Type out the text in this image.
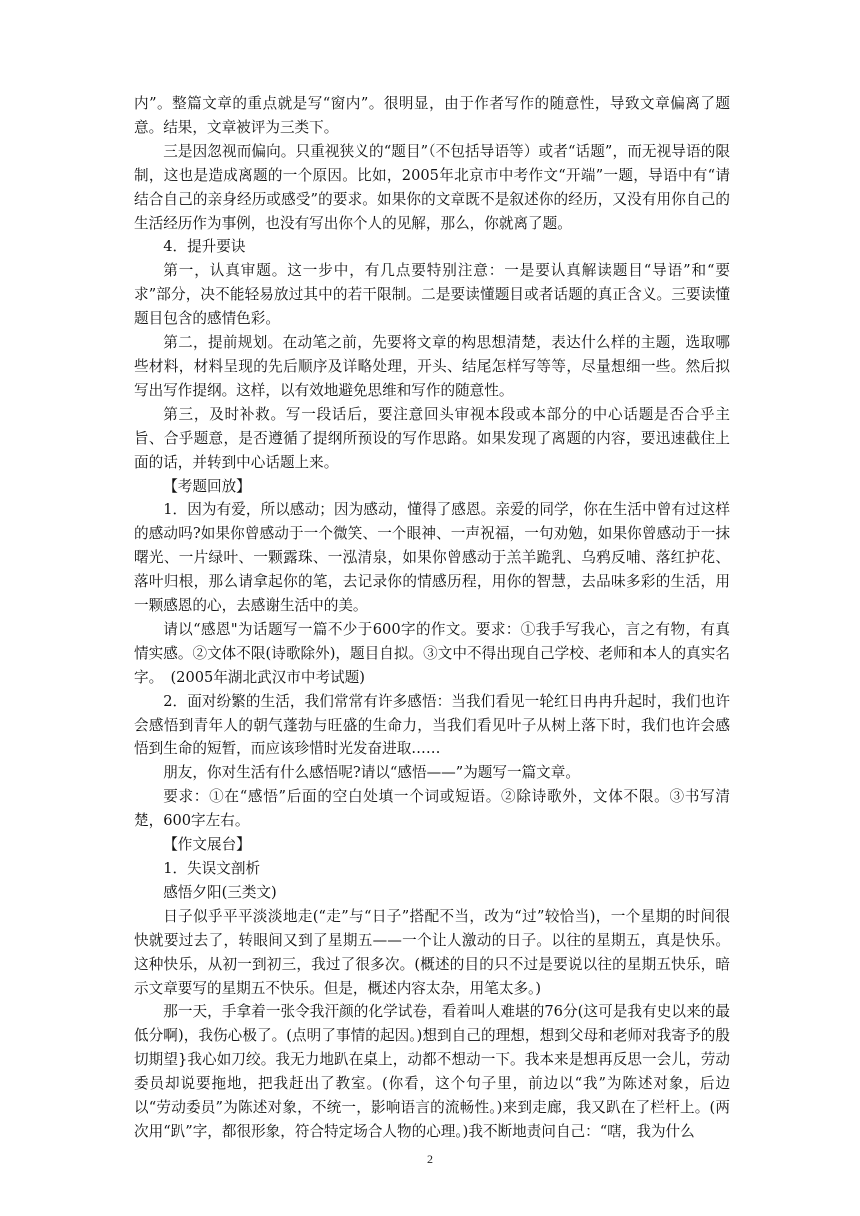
内”。整篇文章的重点就是写“窗内”。很明显，由于作者写作的随意性，导致文章偏离了题意。结果，文章被评为三类下。

三是因忽视而偏向。只重视狭义的“题目”（不包括导语等）或者“话题”，而无视导语的限制，这也是造成离题的一个原因。比如，2005年北京市中考作文“开端”一题，导语中有“请结合自己的亲身经历或感受”的要求。如果你的文章既不是叙述你的经历，又没有用你自己的生活经历作为事例，也没有写出你个人的见解，那么，你就离了题。

4．提升要诀

第一，认真审题。这一步中，有几点要特别注意：一是要认真解读题目“导语”和“要求”部分，决不能轻易放过其中的若干限制。二是要读懂题目或者话题的真正含义。三要读懂题目包含的感情色彩。

第二，提前规划。在动笔之前，先要将文章的构思想清楚，表达什么样的主题，选取哪些材料，材料呈现的先后顺序及详略处理，开头、结尾怎样写等等，尽量想细一些。然后拟写出写作提纲。这样，以有效地避免思维和写作的随意性。

第三，及时补救。写一段话后，要注意回头审视本段或本部分的中心话题是否合乎主旨、合乎题意，是否遵循了提纲所预设的写作思路。如果发现了离题的内容，要迅速截住上面的话，并转到中心话题上来。

【考题回放】

1．因为有爱，所以感动；因为感动，懂得了感恩。亲爱的同学，你在生活中曾有过这样的感动吗?如果你曾感动于一个微笑、一个眼神、一声祝福，一句劝勉，如果你曾感动于一抹曙光、一片绿叶、一颗露珠、一泓清泉，如果你曾感动于羔羊跪乳、乌鸦反哺、落红护花、落叶归根，那么请拿起你的笔，去记录你的情感历程，用你的智慧，去品味多彩的生活，用一颗感恩的心，去感谢生活中的美。

请以“感恩"为话题写一篇不少于600字的作文。要求：①我手写我心，言之有物，有真情实感。②文体不限(诗歌除外)，题目自拟。③文中不得出现自己学校、老师和本人的真实名字。　(2005年湖北武汉市中考试题)

2．面对纷繁的生活，我们常常有许多感悟：当我们看见一轮红日冉冉升起时，我们也许会感悟到青年人的朝气蓬勃与旺盛的生命力，当我们看见叶子从树上落下时，我们也许会感悟到生命的短暂，而应该珍惜时光发奋进取……

朋友，你对生活有什么感悟呢?请以“感悟——”为题写一篇文章。

要求：①在“感悟”后面的空白处填一个词或短语。②除诗歌外，文体不限。③书写清楚，600字左右。

【作文展台】

1．失误文剖析

感悟夕阳(三类文)

日子似乎平平淡淡地走(“走”与“日子”搭配不当，改为“过”较恰当)，一个星期的时间很快就要过去了，转眼间又到了星期五——一个让人激动的日子。以往的星期五，真是快乐。这种快乐，从初一到初三，我过了很多次。(概述的目的只不过是要说以往的星期五快乐，暗示文章要写的星期五不快乐。但是，概述内容太杂，用笔太多。)

那一天，手拿着一张令我汗颜的化学试卷，看着叫人难堪的76分(这可是我有史以来的最低分啊)，我伤心极了。(点明了事情的起因。)想到自己的理想，想到父母和老师对我寄予的殷切期望}我心如刀绞。我无力地趴在桌上，动都不想动一下。我本来是想再反思一会儿，劳动委员却说要拖地，把我赶出了教室。(你看，这个句子里，前边以“我”为陈述对象，后边以“劳动委员”为陈述对象，不统一，影响语言的流畅性。)来到走廊，我又趴在了栏杆上。(两次用“趴”字，都很形象，符合特定场合人物的心理。)我不断地责问自己：“嗐，我为什么

2
